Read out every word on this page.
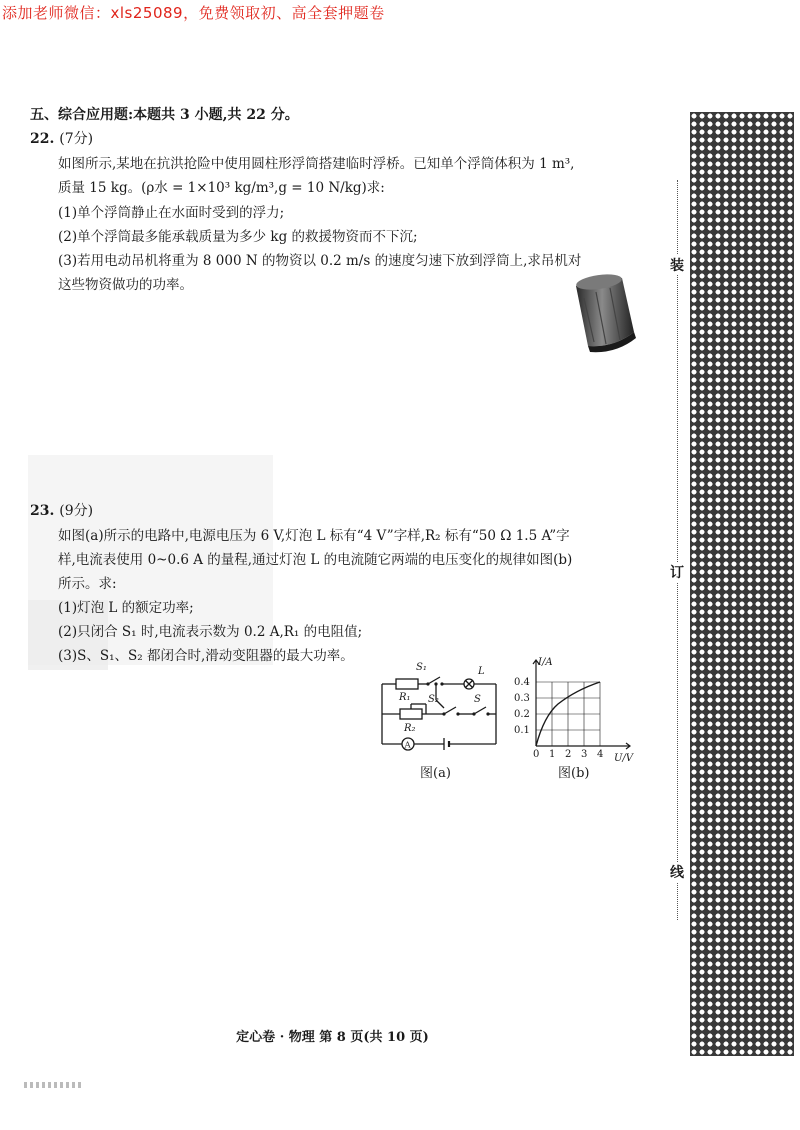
添加老师微信：xls25089，免费领取初、高全套押题卷
五、综合应用题:本题共 3 小题,共 22 分。
22. (7分)
如图所示,某地在抗洪抢险中使用圆柱形浮筒搭建临时浮桥。已知单个浮筒体积为 1 m³,
质量 15 kg。(ρ水 = 1×10³ kg/m³,g = 10 N/kg)求:
(1)单个浮筒静止在水面时受到的浮力;
(2)单个浮筒最多能承载质量为多少 kg 的救援物资而不下沉;
(3)若用电动吊机将重为 8 000 N 的物资以 0.2 m/s 的速度匀速下放到浮筒上,求吊机对
这些物资做功的功率。
23. (9分)
如图(a)所示的电路中,电源电压为 6 V,灯泡 L 标有“4 V”字样,R₂ 标有“50 Ω 1.5 A”字
样,电流表使用 0~0.6 A 的量程,通过灯泡 L 的电流随它两端的电压变化的规律如图(b)
所示。求:
(1)灯泡 L 的额定功率;
(2)只闭合 S₁ 时,电流表示数为 0.2 A,R₁ 的电阻值;
(3)S、S₁、S₂ 都闭合时,滑动变阻器的最大功率。
S₁
R₁
L
S₂	S
R₂
A
图(a)
I/A
U/V
0.4
0.3
0.2
0.1
0 1 2 3 4
图(b)
装
订
线
定心卷 · 物理 第 8 页(共 10 页)
